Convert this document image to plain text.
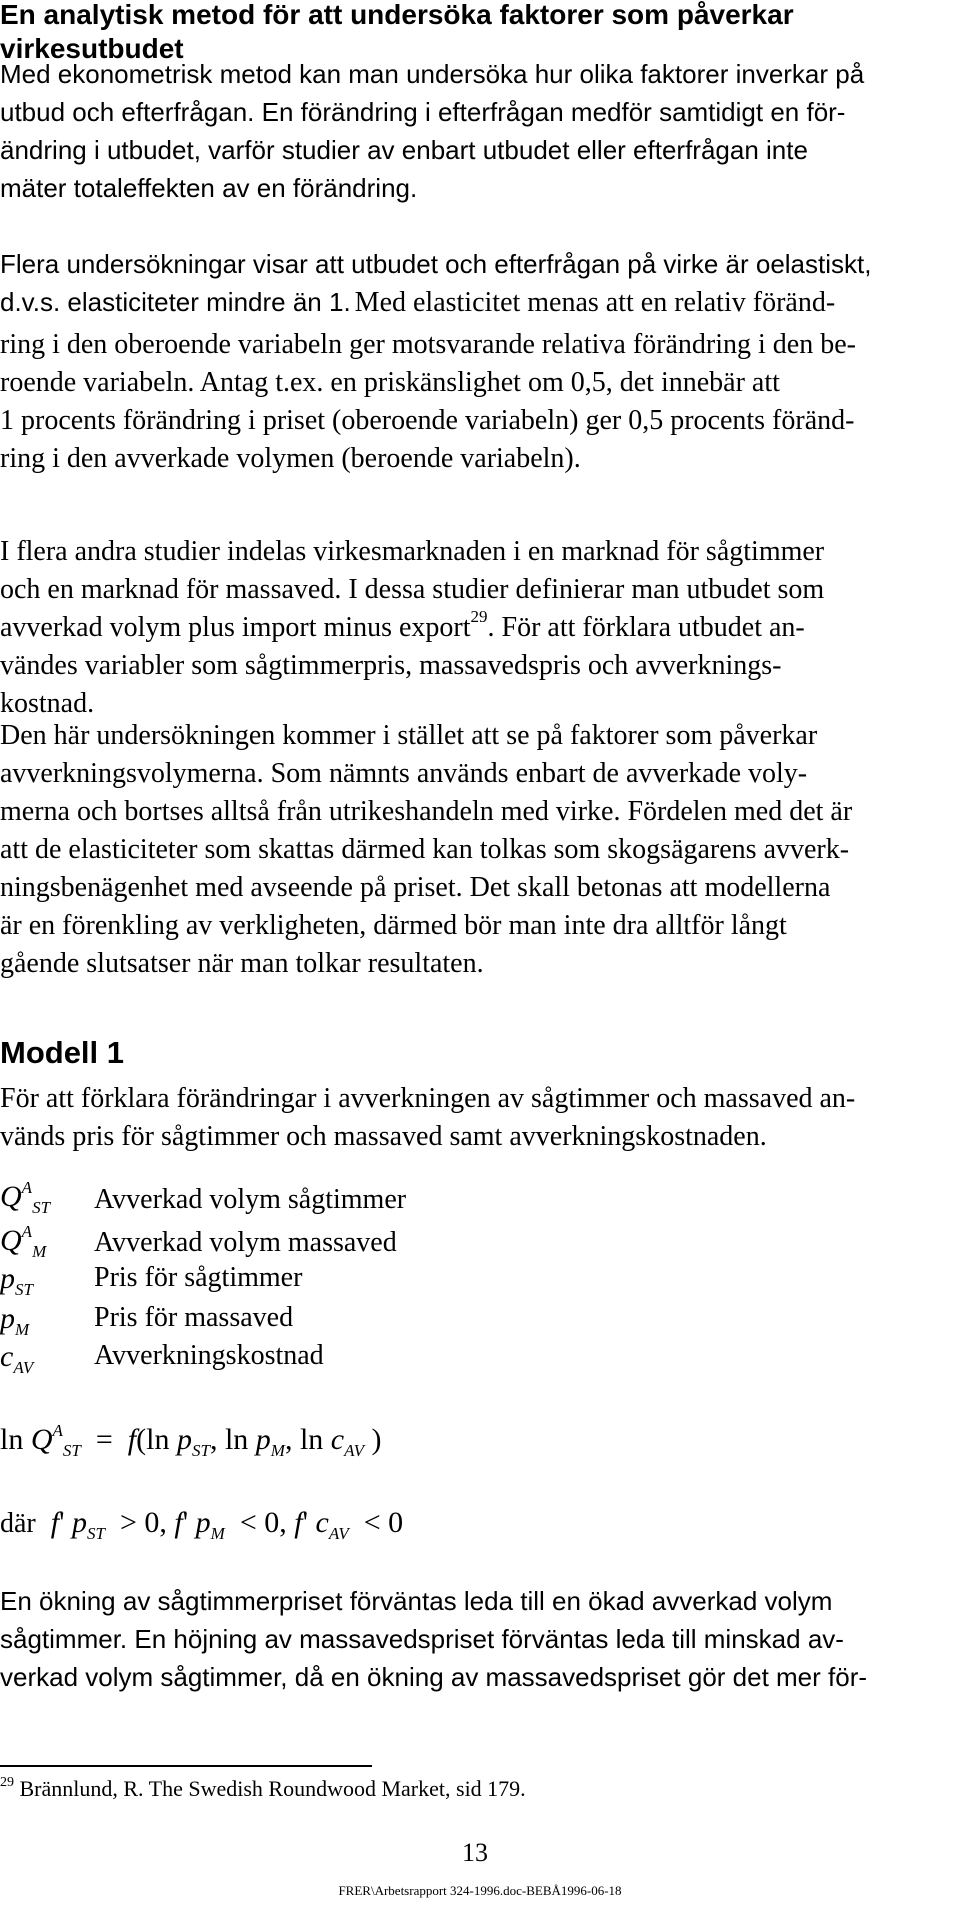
En analytisk metod för att undersöka faktorer som påverkar
virkesutbudet
Med ekonometrisk metod kan man undersöka hur olika faktorer inverkar på
utbud och efterfrågan. En förändring i efterfrågan medför samtidigt en för-
ändring i utbudet, varför studier av enbart utbudet eller efterfrågan inte
mäter totaleffekten av en förändring.
Flera undersökningar visar att utbudet och efterfrågan på virke är oelastiskt,
d.v.s. elasticiteter mindre än 1. Med elasticitet menas att en relativ föränd-
ring i den oberoende variabeln ger motsvarande relativa förändring i den be-
roende variabeln. Antag t.ex. en priskänslighet om 0,5, det innebär att
1 procents förändring i priset (oberoende variabeln) ger 0,5 procents föränd-
ring i den avverkade volymen (beroende variabeln).
I flera andra studier indelas virkesmarknaden i en marknad för sågtimmer
och en marknad för massaved. I dessa studier definierar man utbudet som
avverkad volym plus import minus export$^{29}$. För att förklara utbudet an-
vändes variabler som sågtimmerpris, massavedspris och avverknings-
kostnad.
Den här undersökningen kommer i stället att se på faktorer som påverkar
avverkningsvolymerna. Som nämnts används enbart de avverkade voly-
merna och bortses alltså från utrikeshandeln med virke. Fördelen med det är
att de elasticiteter som skattas därmed kan tolkas som skogsägarens avverk-
ningsbenägenhet med avseende på priset. Det skall betonas att modellerna
är en förenkling av verkligheten, därmed bör man inte dra alltför långt
gående slutsatser när man tolkar resultaten.
Modell 1
För att förklara förändringar i avverkningen av sågtimmer och massaved an-
vänds pris för sågtimmer och massaved samt avverkningskostnaden.
$Q^A_{ST}$ Avverkad volym sågtimmer
$Q^A_M$ Avverkad volym massaved
$p_{ST}$ Pris för sågtimmer
$p_M$ Pris för massaved
$c_{AV}$ Avverkningskostnad
$\ln Q^A_{ST} = f(\ln$ $p_{ST}$, $\ln p_M$, $\ln c_{AV}$ )
där f' $p_{ST} > 0$, f' $p_M < 0$, f' $c_{AV} < 0$
En ökning av sågtimmerpriset förväntas leda till en ökad avverkad volym
sågtimmer. En höjning av massavedspriset förväntas leda till minskad av-
verkad volym sågtimmer, då en ökning av massavedspriset gör det mer för-
$^{29}$ Brännlund, R. The Swedish Roundwood Market, sid 179.
13
FRER\Arbetsrapport 324-1996.doc-BEBÅ1996-06-18
